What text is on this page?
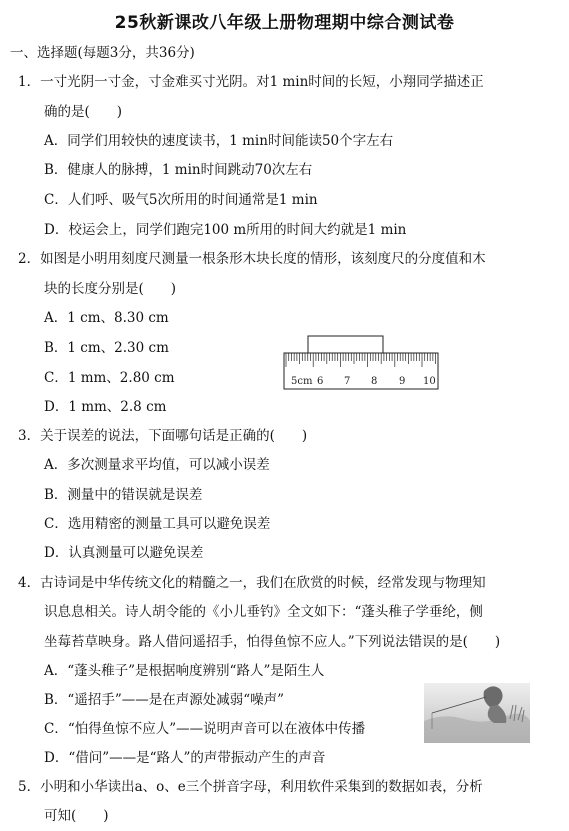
25秋新课改八年级上册物理期中综合测试卷
一、选择题(每题3分，共36分)
1．一寸光阴一寸金，寸金难买寸光阴。对1 min时间的长短，小翔同学描述正
确的是(　　)
A．同学们用较快的速度读书，1 min时间能读50个字左右
B．健康人的脉搏，1 min时间跳动70次左右
C．人们呼、吸气5次所用的时间通常是1 min
D．校运会上，同学们跑完100 m所用的时间大约就是1 min
2．如图是小明用刻度尺测量一根条形木块长度的情形，该刻度尺的分度值和木
块的长度分别是(　　)
A．1 cm、8.30 cm
B．1 cm、2.30 cm
C．1 mm、2.80 cm
D．1 mm、2.8 cm
5cm 6 7 8 9 10
3．关于误差的说法，下面哪句话是正确的(　　)
A．多次测量求平均值，可以减小误差
B．测量中的错误就是误差
C．选用精密的测量工具可以避免误差
D．认真测量可以避免误差
4．古诗词是中华传统文化的精髓之一，我们在欣赏的时候，经常发现与物理知
识息息相关。诗人胡令能的《小儿垂钓》全文如下：“蓬头稚子学垂纶，侧
坐莓苔草映身。路人借问遥招手，怕得鱼惊不应人。”下列说法错误的是(　　)
A．“蓬头稚子”是根据响度辨别“路人”是陌生人
B．“遥招手”——是在声源处减弱“噪声”
C．“怕得鱼惊不应人”——说明声音可以在液体中传播
D．“借问”——是“路人”的声带振动产生的声音
5．小明和小华读出a、o、e三个拼音字母，利用软件采集到的数据如表，分析
可知(　　)
